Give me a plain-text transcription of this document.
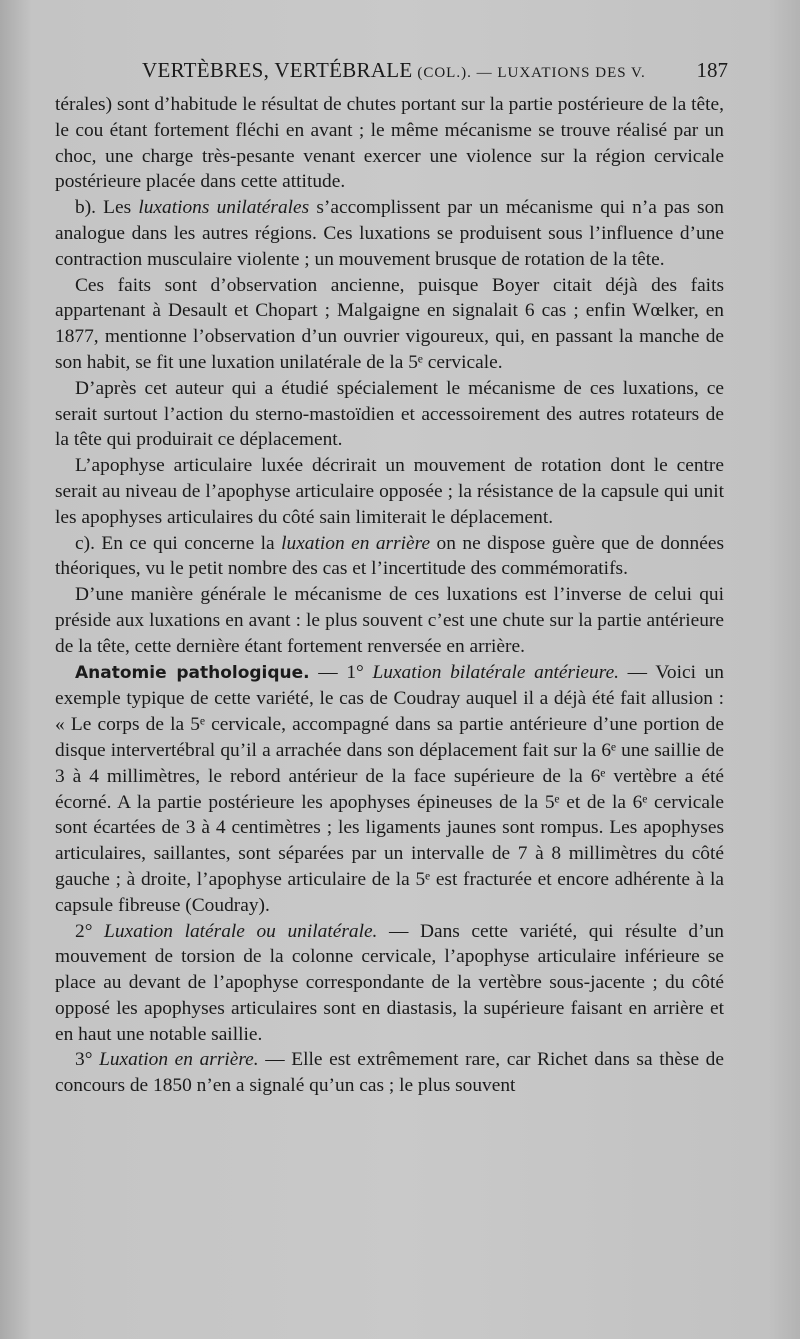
VERTÈBRES, VERTÉBRALE (COL.). — LUXATIONS DES V. 187

térales) sont d’habitude le résultat de chutes portant sur la partie postérieure de la tête, le cou étant fortement fléchi en avant ; le même mécanisme se trouve réalisé par un choc, une charge très-pesante venant exercer une violence sur la région cervicale postérieure placée dans cette attitude.

b). Les luxations unilatérales s’accomplissent par un mécanisme qui n’a pas son analogue dans les autres régions. Ces luxations se produisent sous l’influence d’une contraction musculaire violente ; un mouvement brusque de rotation de la tête.

Ces faits sont d’observation ancienne, puisque Boyer citait déjà des faits appartenant à Desault et Chopart ; Malgaigne en signalait 6 cas ; enfin Wœlker, en 1877, mentionne l’observation d’un ouvrier vigoureux, qui, en passant la manche de son habit, se fit une luxation unilatérale de la 5ᵉ cervicale.

D’après cet auteur qui a étudié spécialement le mécanisme de ces luxations, ce serait surtout l’action du sterno-mastoïdien et accessoirement des autres rotateurs de la tête qui produirait ce déplacement.

L’apophyse articulaire luxée décrirait un mouvement de rotation dont le centre serait au niveau de l’apophyse articulaire opposée ; la résistance de la capsule qui unit les apophyses articulaires du côté sain limiterait le déplacement.

c). En ce qui concerne la luxation en arrière on ne dispose guère que de données théoriques, vu le petit nombre des cas et l’incertitude des commémoratifs.

D’une manière générale le mécanisme de ces luxations est l’inverse de celui qui préside aux luxations en avant : le plus souvent c’est une chute sur la partie antérieure de la tête, cette dernière étant fortement renversée en arrière.

Anatomie pathologique. — 1° Luxation bilatérale antérieure. — Voici un exemple typique de cette variété, le cas de Coudray auquel il a déjà été fait allusion : « Le corps de la 5ᵉ cervicale, accompagné dans sa partie antérieure d’une portion de disque intervertébral qu’il a arrachée dans son déplacement fait sur la 6ᵉ une saillie de 3 à 4 millimètres, le rebord antérieur de la face supérieure de la 6ᵉ vertèbre a été écorné. A la partie postérieure les apophyses épineuses de la 5ᵉ et de la 6ᵉ cervicale sont écartées de 3 à 4 centimètres ; les ligaments jaunes sont rompus. Les apophyses articulaires, saillantes, sont séparées par un intervalle de 7 à 8 millimètres du côté gauche ; à droite, l’apophyse articulaire de la 5ᵉ est fracturée et encore adhérente à la capsule fibreuse (Coudray).

2° Luxation latérale ou unilatérale. — Dans cette variété, qui résulte d’un mouvement de torsion de la colonne cervicale, l’apophyse articulaire inférieure se place au devant de l’apophyse correspondante de la vertèbre sous-jacente ; du côté opposé les apophyses articulaires sont en diastasis, la supérieure faisant en arrière et en haut une notable saillie.

3° Luxation en arrière. — Elle est extrêmement rare, car Richet dans sa thèse de concours de 1850 n’en a signalé qu’un cas ; le plus souvent
